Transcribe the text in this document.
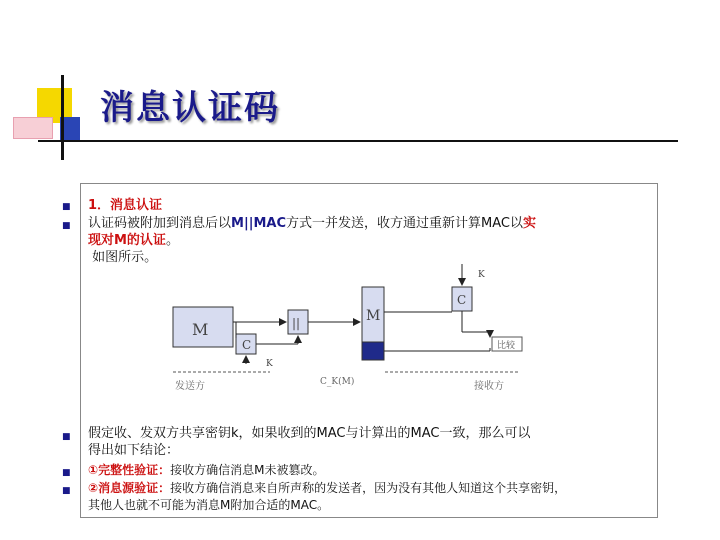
消息认证码
■ 1．消息认证
■ 认证码被附加到消息后以M||MAC方式一并发送，收方通过重新计算MAC以实
现对M的认证。
如图所示。
M
C
||
K
M
C
K
比较
发送方	C_K(M)	接收方
■ 假定收、发双方共享密钥k，如果收到的MAC与计算出的MAC一致，那么可以
得出如下结论：
■ ①完整性验证：接收方确信消息M未被篡改。
■ ②消息源验证：接收方确信消息来自所声称的发送者，因为没有其他人知道这个共享密钥，
其他人也就不可能为消息M附加合适的MAC。
